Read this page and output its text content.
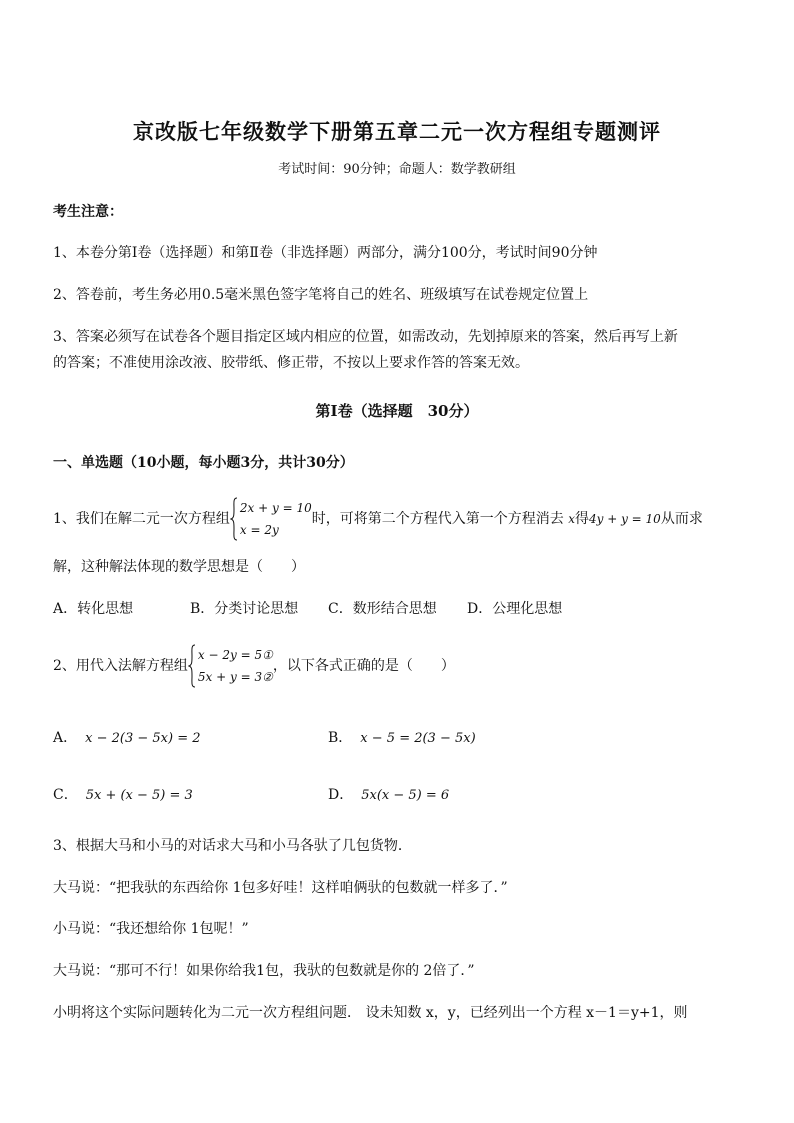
京改版七年级数学下册第五章二元一次方程组专题测评
考试时间：90分钟；命题人：数学教研组
考生注意：
1、本卷分第Ⅰ卷（选择题）和第Ⅱ卷（非选择题）两部分，满分100分，考试时间90分钟
2、答卷前，考生务必用0.5毫米黑色签字笔将自己的姓名、班级填写在试卷规定位置上
3、答案必须写在试卷各个题目指定区域内相应的位置，如需改动，先划掉原来的答案，然后再写上新
的答案；不准使用涂改液、胶带纸、修正带，不按以上要求作答的答案无效。
第Ⅰ卷（选择题　30分）
一、单选题（10小题，每小题3分，共计30分）
1、我们在解二元一次方程组
2x + y = 10
x = 2y
时，可将第二个方程代入第一个方程消去 x得4y + y = 10从而求
解，这种解法体现的数学思想是（　　）
A．转化思想	B．分类讨论思想 C．数形结合思想 D．公理化思想
2、用代入法解方程组
x − 2y = 5①
5x + y = 3②
，以下各式正确的是（　　）
A． x − 2(3 − 5x) = 2	B． x − 5 = 2(3 − 5x)
C． 5x + (x − 5) = 3	D． 5x(x − 5) = 6
3、根据大马和小马的对话求大马和小马各驮了几包货物．
大马说：“把我驮的东西给你 1包多好哇！这样咱俩驮的包数就一样多了．”
小马说：“我还想给你 1包呢！”
大马说：“那可不行！如果你给我1包，我驮的包数就是你的 2倍了．”
小明将这个实际问题转化为二元一次方程组问题． 设未知数 x，y，已经列出一个方程 x－1＝y+1，则
